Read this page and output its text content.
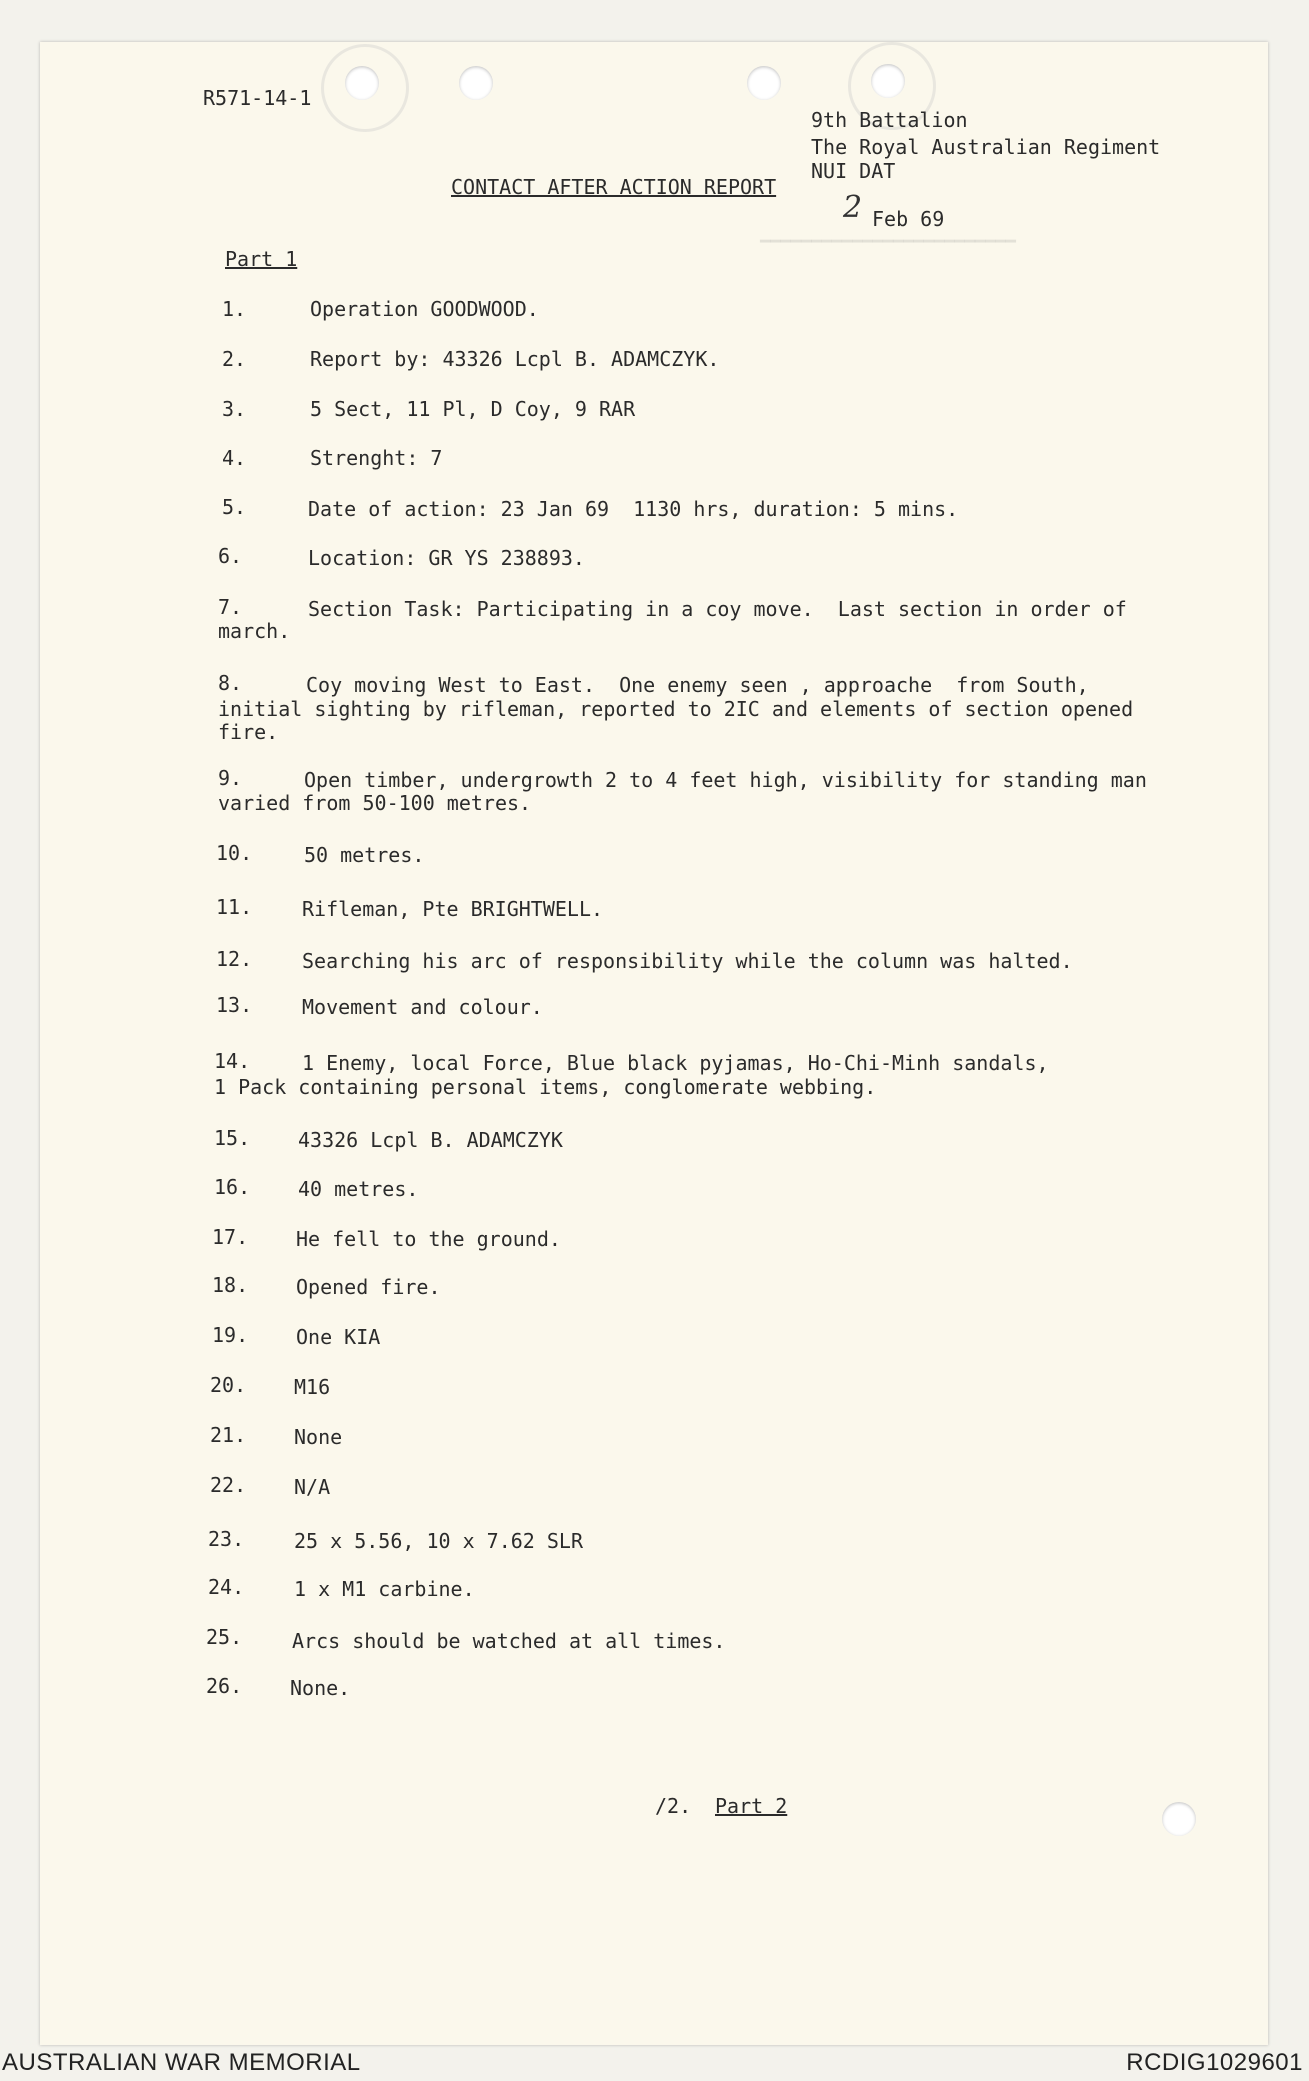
━━━━━━━━━━━━━━━━━━━━━━━━━
R571-14-1
9th Battalion
The Royal Australian Regiment
NUI DAT
CONTACT AFTER ACTION REPORT
2 Feb 69
Part 1
1.	Operation GOODWOOD.
2.	Report by: 43326 Lcpl B. ADAMCZYK.
3.	5 Sect, 11 Pl, D Coy, 9 RAR
4.	Strenght: 7
5.	Date of action: 23 Jan 69  1130 hrs, duration: 5 mins.
6.	Location: GR YS 238893.
7.	Section Task: Participating in a coy move.  Last section in order of
march.
8.	Coy moving West to East.  One enemy seen , approache  from South,
initial sighting by rifleman, reported to 2IC and elements of section opened
fire.
9.	Open timber, undergrowth 2 to 4 feet high, visibility for standing man
varied from 50-100 metres.
10.	50 metres.
11. Rifleman, Pte BRIGHTWELL.
12. Searching his arc of responsibility while the column was halted.
13. Movement and colour.
14.	1 Enemy, local Force, Blue black pyjamas, Ho-Chi-Minh sandals,
1 Pack containing personal items, conglomerate webbing.
15. 43326 Lcpl B. ADAMCZYK
16. 40 metres.
17. He fell to the ground.
18. Opened fire.
19. One KIA
20. M16
21. None
22. N/A
23. 25 x 5.56, 10 x 7.62 SLR
24. 1 x M1 carbine.
25. Arcs should be watched at all times.
26. None.
/2. Part 2
AUSTRALIAN WAR MEMORIAL	RCDIG1029601
